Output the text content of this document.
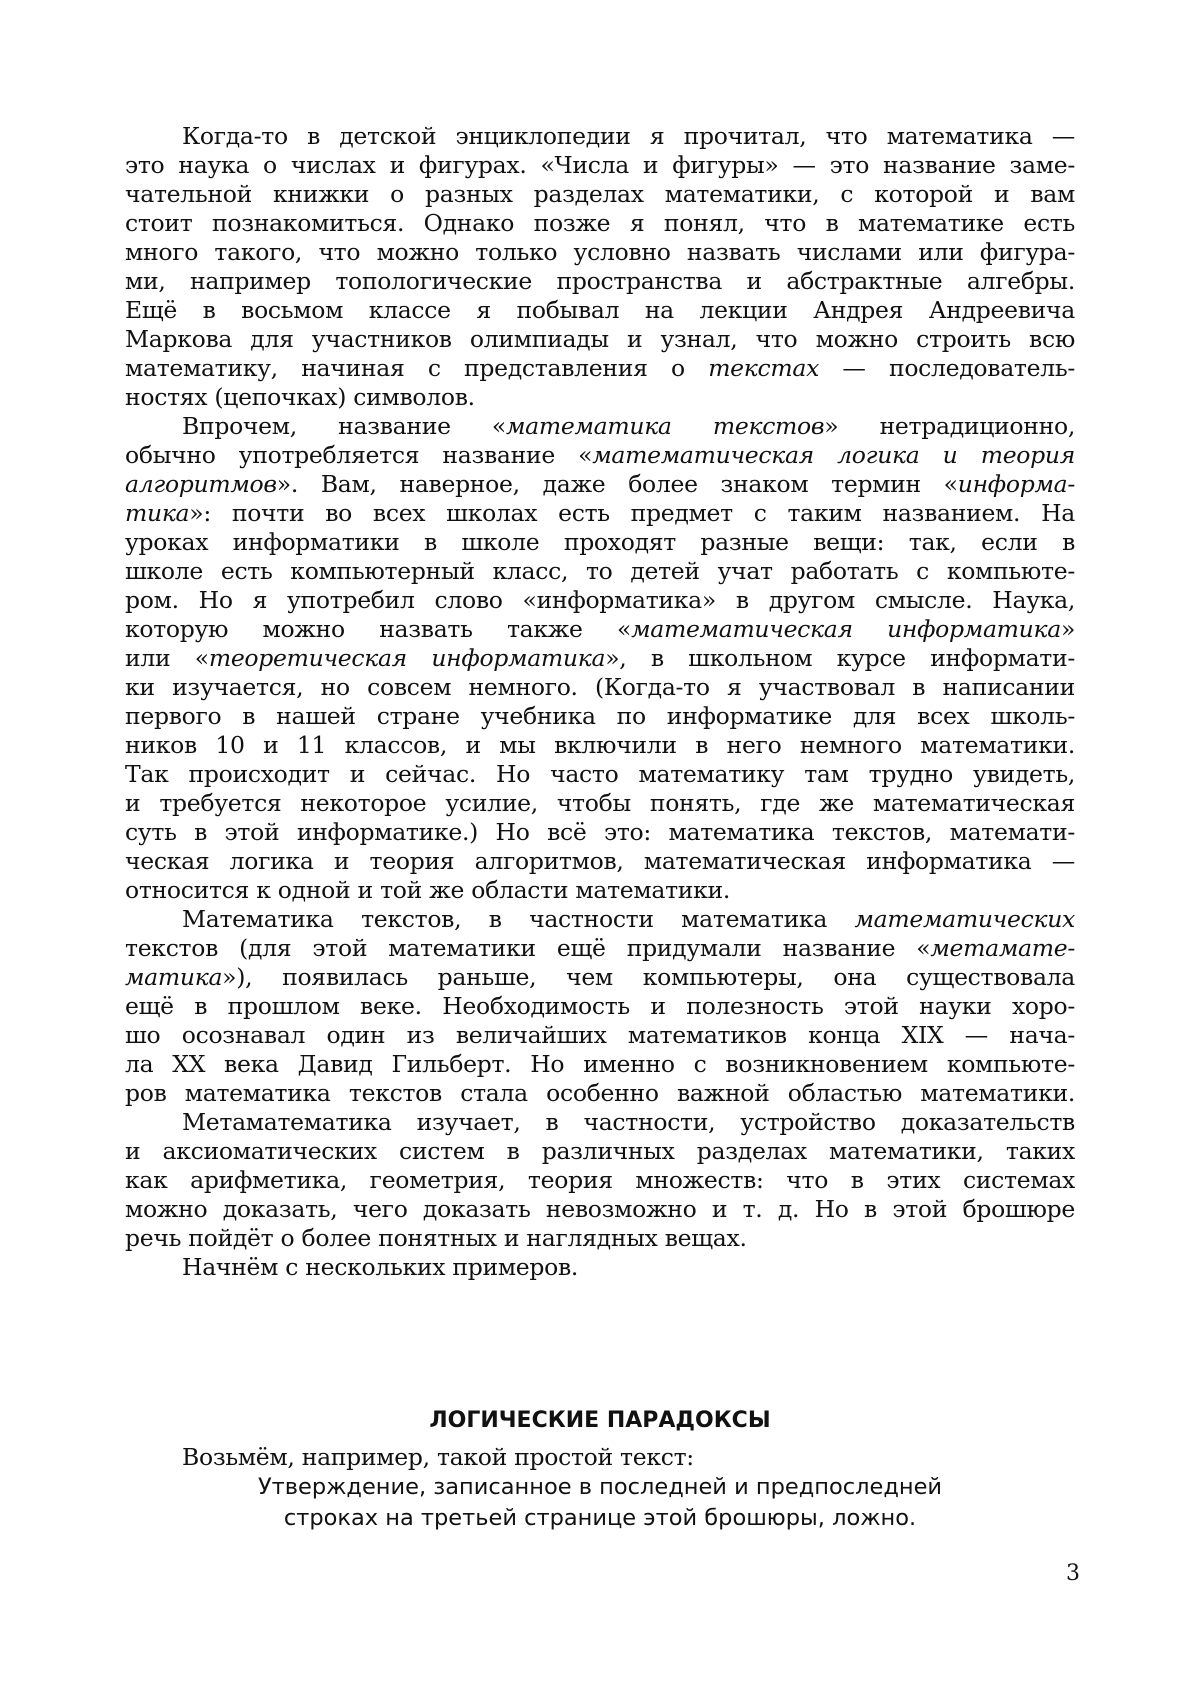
Когда-то в детской энциклопедии я прочитал, что математика —

это наука о числах и фигурах. «Числа и фигуры» — это название заме-

чательной книжки о разных разделах математики, с которой и вам

стоит познакомиться. Однако позже я понял, что в математике есть

много такого, что можно только условно назвать числами или фигура-

ми, например топологические пространства и абстрактные алгебры.

Ещё в восьмом классе я побывал на лекции Андрея Андреевича

Маркова для участников олимпиады и узнал, что можно строить всю

математику, начиная с представления о текстах — последователь-

ностях (цепочках) символов.

Впрочем, название «математика текстов» нетрадиционно,

обычно употребляется название «математическая логика и теория

алгоритмов». Вам, наверное, даже более знаком термин «информа-

тика»: почти во всех школах есть предмет с таким названием. На

уроках информатики в школе проходят разные вещи: так, если в

школе есть компьютерный класс, то детей учат работать с компьюте-

ром. Но я употребил слово «информатика» в другом смысле. Наука,

которую можно назвать также «математическая информатика»

или «теоретическая информатика», в школьном курсе информати-

ки изучается, но совсем немного. (Когда-то я участвовал в написании

первого в нашей стране учебника по информатике для всех школь-

ников 10 и 11 классов, и мы включили в него немного математики.

Так происходит и сейчас. Но часто математику там трудно увидеть,

и требуется некоторое усилие, чтобы понять, где же математическая

суть в этой информатике.) Но всё это: математика текстов, математи-

ческая логика и теория алгоритмов, математическая информатика —

относится к одной и той же области математики.

Математика текстов, в частности математика математических

текстов (для этой математики ещё придумали название «метамате-

матика»), появилась раньше, чем компьютеры, она существовала

ещё в прошлом веке. Необходимость и полезность этой науки хоро-

шо осознавал один из величайших математиков конца XIX — нача-

ла XX века Давид Гильберт. Но именно с возникновением компьюте-

ров математика текстов стала особенно важной областью математики.

Метаматематика изучает, в частности, устройство доказательств

и аксиоматических систем в различных разделах математики, таких

как арифметика, геометрия, теория множеств: что в этих системах

можно доказать, чего доказать невозможно и т. д. Но в этой брошюре

речь пойдёт о более понятных и наглядных вещах.

Начнём с нескольких примеров.

ЛОГИЧЕСКИЕ ПАРАДОКСЫ

Возьмём, например, такой простой текст:

Утверждение, записанное в последней и предпоследней

строках на третьей странице этой брошюры, ложно.

3
